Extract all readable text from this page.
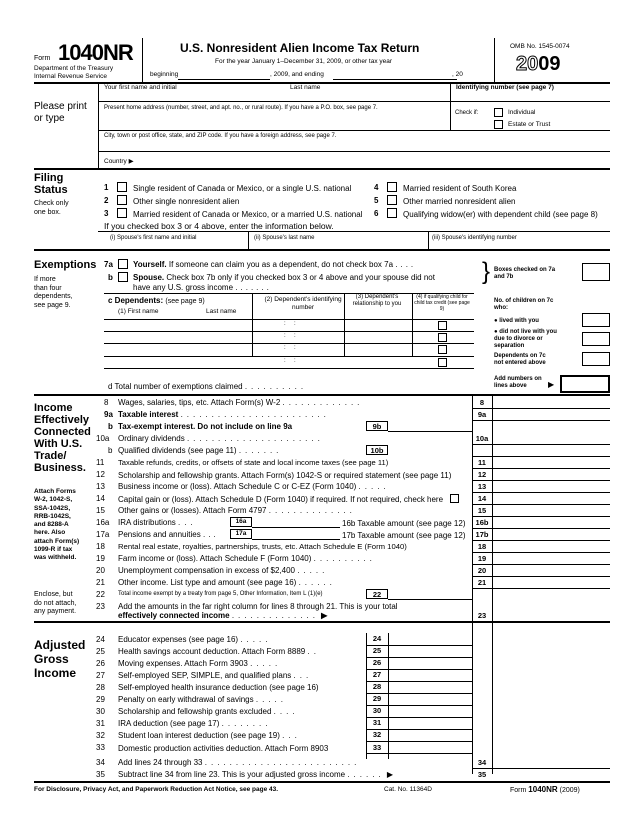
Form 1040NR
Department of the Treasury
Internal Revenue Service
U.S. Nonresident Alien Income Tax Return
For the year January 1–December 31, 2009, or other tax year
beginning	, 2009, and ending	, 20
OMB No. 1545-0074
2009
Your first name and initial	Last name	Identifying number (see page 7)
Please print or type
Present home address (number, street, and apt. no., or rural route). If you have a P.O. box, see page 7.
Check if:	Individual
Estate or Trust
City, town or post office, state, and ZIP code. If you have a foreign address, see page 7.
Country ▶
Filing
Status
Check only
one box.
1	Single resident of Canada or Mexico, or a single U.S. national
2	Other single nonresident alien
3	Married resident of Canada or Mexico, or a married U.S. national
4	Married resident of South Korea
5	Other married nonresident alien
6	Qualifying widow(er) with dependent child (see page 8)
If you checked box 3 or 4 above, enter the information below.
(i) Spouse's first name and initial	(ii) Spouse's last name	(iii) Spouse's identifying number
Exemptions
If more
than four
dependents,
see page 9.
7a	Yourself. If someone can claim you as a dependent, do not check box 7a ....
b	Spouse. Check box 7b only if you checked box 3 or 4 above and your spouse did not
have any U.S. gross income .......
} Boxes checked on 7a and 7b
c Dependents: (see page 9)
(1) First name	Last name
(2) Dependent's identifying number
(3) Dependent's relationship to you
(4) if qualifying child for child tax credit (see page 9)
:     :
:     :
:     :
:     :
No. of children on 7c who:
● lived with you
● did not live with you due to divorce or separation
Dependents on 7c not entered above
Add numbers on lines above	▶
d Total number of exemptions claimed ..........
Income
Effectively
Connected
With U.S.
Trade/
Business.
Attach Forms
W-2, 1042-S,
SSA-1042S,
RRB-1042S,
and 8288-A
here. Also
attach Form(s)
1099-R if tax
was withheld.
Enclose, but
do not attach,
any payment.
8 Wages, salaries, tips, etc. Attach Form(s) W-2 .............	8
9a Taxable interest ........................	9a
b Tax-exempt interest. Do not include on line 9a	9b
10a Ordinary dividends ......................	10a
b Qualified dividends (see page 11) .......	10b
11 Taxable refunds, credits, or offsets of state and local income taxes (see page 11)	11
12 Scholarship and fellowship grants. Attach Form(s) 1042-S or required statement (see page 11)	12
13 Business income or (loss). Attach Schedule C or C-EZ (Form 1040) .....	13
14 Capital gain or (loss). Attach Schedule D (Form 1040) if required. If not required, check here	14
15 Other gains or (losses). Attach Form 4797 ..............	15
16a IRA distributions ...	16a	16b Taxable amount (see page 12)	16b
17a Pensions and annuities ...	17a	17b Taxable amount (see page 12)	17b
18 Rental real estate, royalties, partnerships, trusts, etc. Attach Schedule E (Form 1040)	18
19 Farm income or (loss). Attach Schedule F (Form 1040) ..........	19
20 Unemployment compensation in excess of $2,400 .....	20
21 Other income. List type and amount (see page 16) ......	21
22 Total income exempt by a treaty from page 5, Other Information, Item L (1)(e)	22
23 Add the amounts in the far right column for lines 8 through 21. This is your total
effectively connected income .............. ▶	23
Adjusted
Gross
Income
24 Educator expenses (see page 16) .....	24
25 Health savings account deduction. Attach Form 8889 ..	25
26 Moving expenses. Attach Form 3903 .....	26
27 Self-employed SEP, SIMPLE, and qualified plans ...	27
28 Self-employed health insurance deduction (see page 16)	28
29 Penalty on early withdrawal of savings .....	29
30 Scholarship and fellowship grants excluded ....	30
31 IRA deduction (see page 17) ........	31
32 Student loan interest deduction (see page 19) ...	32
33 Domestic production activities deduction. Attach Form 8903	33
34 Add lines 24 through 33 .........................	34
35 Subtract line 34 from line 23. This is your adjusted gross income ...... ▶	35
For Disclosure, Privacy Act, and Paperwork Reduction Act Notice, see page 43.	Cat. No. 11364D	Form 1040NR (2009)
